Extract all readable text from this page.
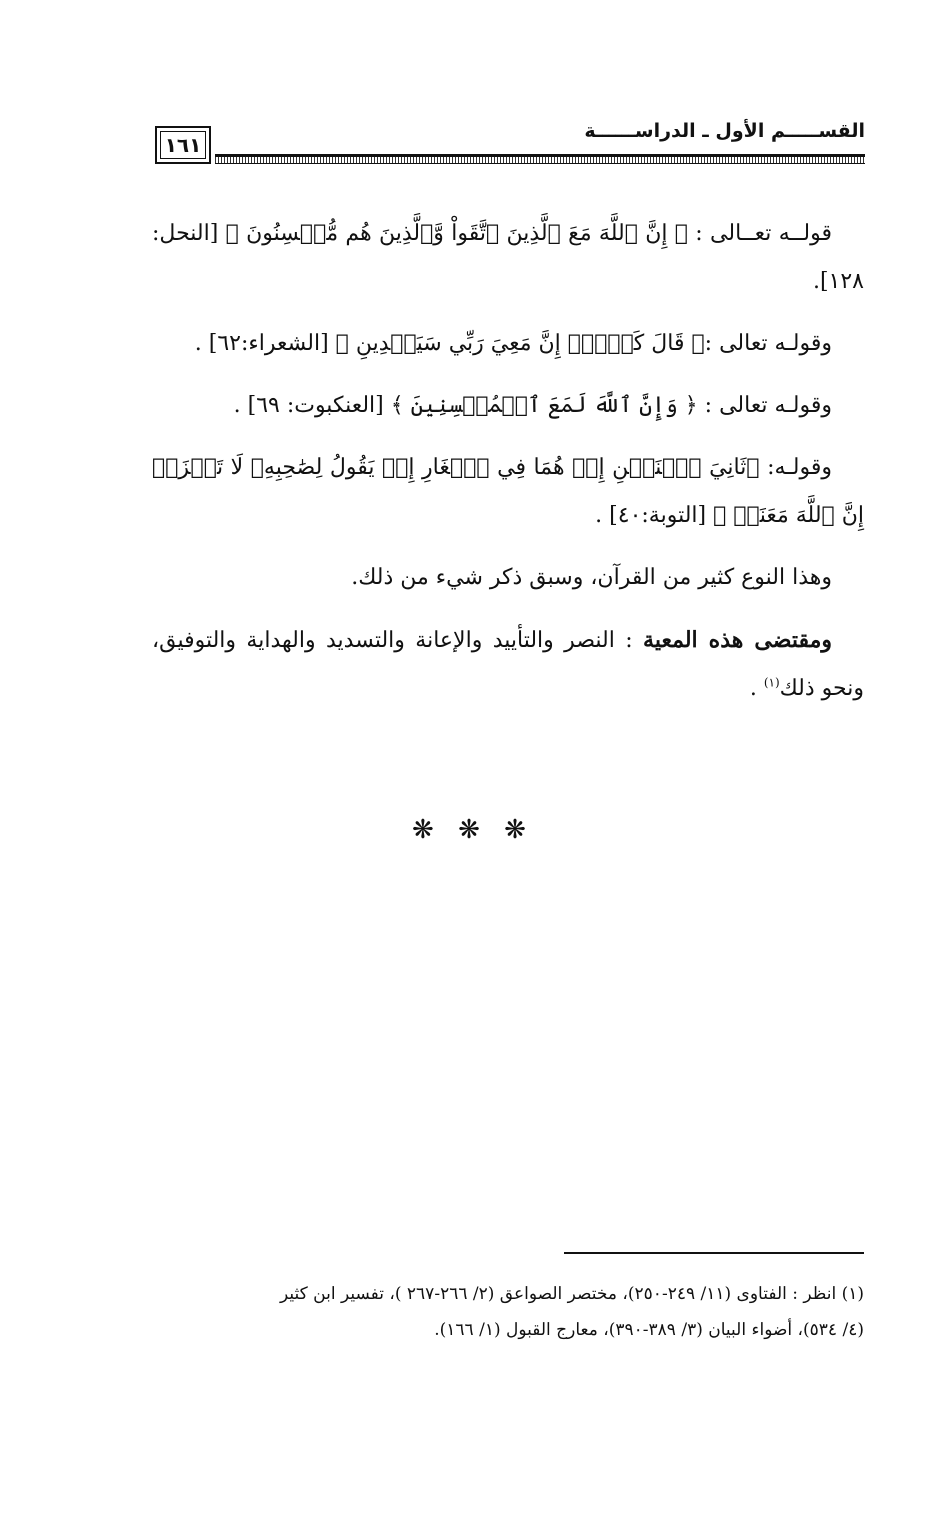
القســـــم الأول ـ الدراســــــة
١٦١

قولــه تعــالى : ﴿ إِنَّ ٱللَّهَ مَعَ ٱلَّذِينَ ٱتَّقَواْ وَّٱلَّذِينَ هُم مُّحۡسِنُونَ ﴾ [النحل: ١٢٨].

وقولـه تعالى :﴿ قَالَ كَلَّآۖ إِنَّ مَعِيَ رَبِّي سَيَهۡدِينِ ﴾ [الشعراء:٦٢] .

وقولـه تعالى : ﴿ وَإِنَّ ٱللَّهَ لَمَعَ ٱلۡمُحۡسِنِينَ ﴾ [العنكبوت: ٦٩] .

وقولـه: ﴿ثَانِيَ ٱثۡنَيۡنِ إِذۡ هُمَا فِي ٱلۡغَارِ إِذۡ يَقُولُ لِصَٰحِبِهِۦ لَا تَحۡزَنۡ إِنَّ ٱللَّهَ مَعَنَاۖ ﴾ [التوبة:٤٠] .

وهذا النوع كثير من القرآن، وسبق ذكر شيء من ذلك.

ومقتضى هذه المعية : النصر والتأييد والإعانة والتسديد والهداية والتوفيق، ونحو ذلك$^{(١)}$ .

❋ ❋ ❋

(١) انظر : الفتاوى (١١/ ٢٤٩-٢٥٠)، مختصر الصواعق (٢/ ٢٦٦-٢٦٧ )، تفسير ابن كثير

(٤/ ٥٣٤)، أضواء البيان (٣/ ٣٨٩-٣٩٠)، معارج القبول (١/ ١٦٦).
